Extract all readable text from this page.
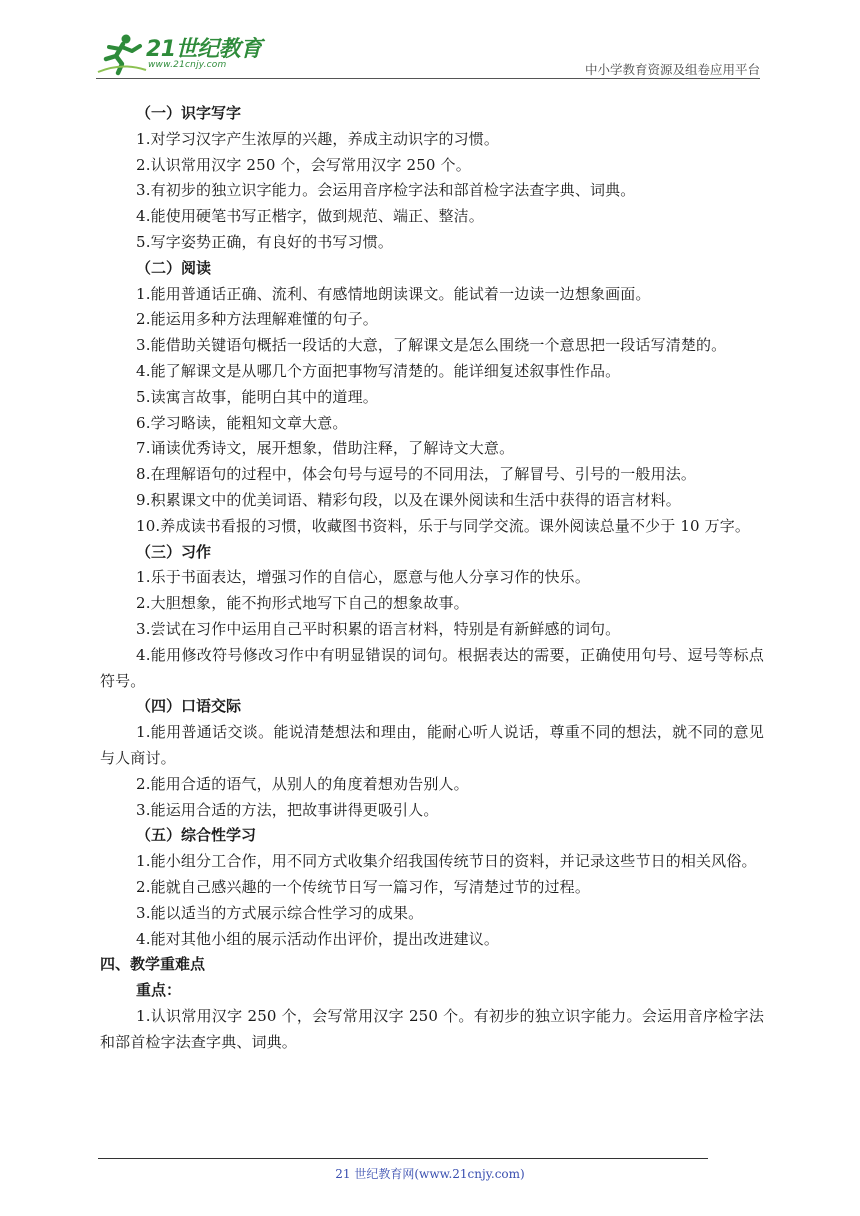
21世纪教育
www.21cnjy.com	中小学教育资源及组卷应用平台

（一）识字写字

1.对学习汉字产生浓厚的兴趣，养成主动识字的习惯。

2.认识常用汉字 250 个，会写常用汉字 250 个。

3.有初步的独立识字能力。会运用音序检字法和部首检字法查字典、词典。

4.能使用硬笔书写正楷字，做到规范、端正、整洁。

5.写字姿势正确，有良好的书写习惯。

（二）阅读

1.能用普通话正确、流利、有感情地朗读课文。能试着一边读一边想象画面。

2.能运用多种方法理解难懂的句子。

3.能借助关键语句概括一段话的大意，了解课文是怎么围绕一个意思把一段话写清楚的。

4.能了解课文是从哪几个方面把事物写清楚的。能详细复述叙事性作品。

5.读寓言故事，能明白其中的道理。

6.学习略读，能粗知文章大意。

7.诵读优秀诗文，展开想象，借助注释，了解诗文大意。

8.在理解语句的过程中，体会句号与逗号的不同用法，了解冒号、引号的一般用法。

9.积累课文中的优美词语、精彩句段，以及在课外阅读和生活中获得的语言材料。

10.养成读书看报的习惯，收藏图书资料，乐于与同学交流。课外阅读总量不少于 10 万字。

（三）习作

1.乐于书面表达，增强习作的自信心，愿意与他人分享习作的快乐。

2.大胆想象，能不拘形式地写下自己的想象故事。

3.尝试在习作中运用自己平时积累的语言材料，特别是有新鲜感的词句。

4.能用修改符号修改习作中有明显错误的词句。根据表达的需要，正确使用句号、逗号等标点符号。

（四）口语交际

1.能用普通话交谈。能说清楚想法和理由，能耐心听人说话，尊重不同的想法，就不同的意见与人商讨。

2.能用合适的语气，从别人的角度着想劝告别人。

3.能运用合适的方法，把故事讲得更吸引人。

（五）综合性学习

1.能小组分工合作，用不同方式收集介绍我国传统节日的资料，并记录这些节日的相关风俗。

2.能就自己感兴趣的一个传统节日写一篇习作，写清楚过节的过程。

3.能以适当的方式展示综合性学习的成果。

4.能对其他小组的展示活动作出评价，提出改进建议。

四、教学重难点

重点：

1.认识常用汉字 250 个，会写常用汉字 250 个。有初步的独立识字能力。会运用音序检字法和部首检字法查字典、词典。

21 世纪教育网(www.21cnjy.com)
